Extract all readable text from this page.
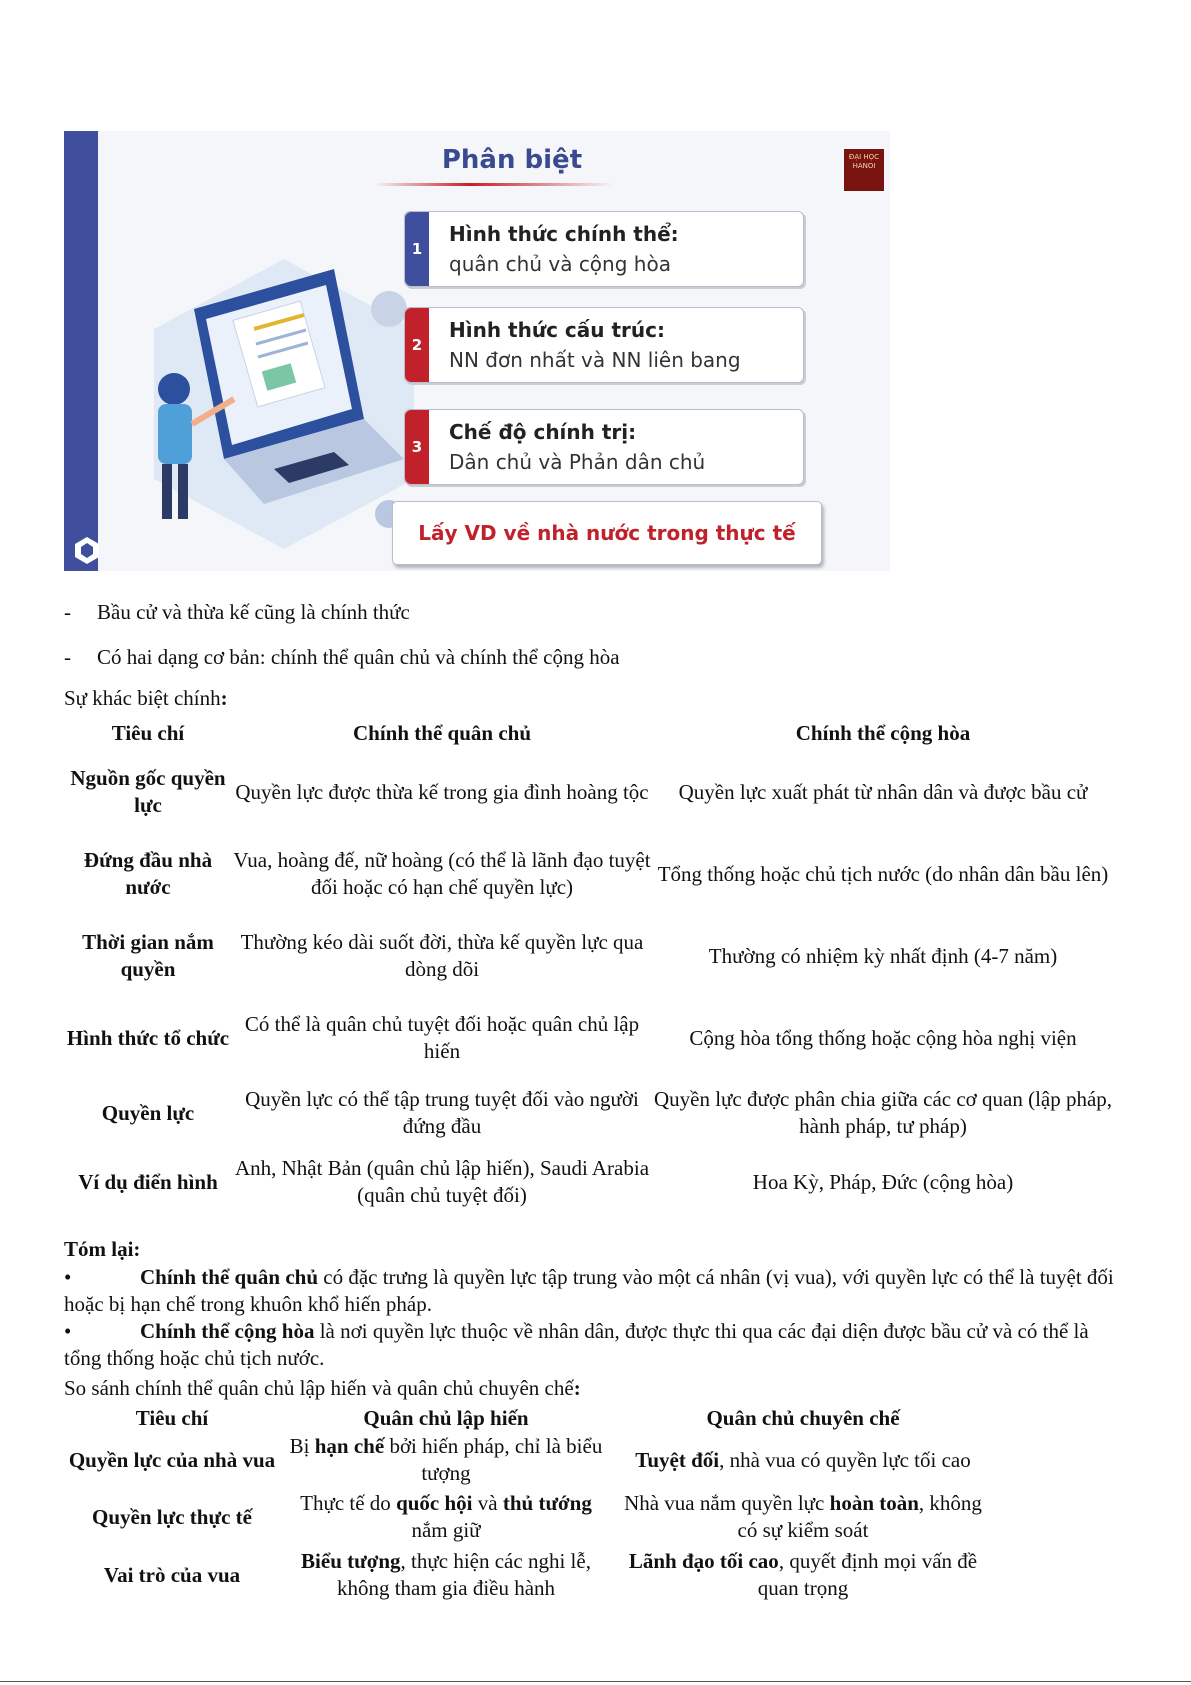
Phân biệt	ĐẠI HỌC HANOI
1
Hình thức chính thể:
quân chủ và cộng hòa
2
Hình thức cấu trúc:
NN đơn nhất và NN liên bang
3
Chế độ chính trị:
Dân chủ và Phản dân chủ
Lấy VD về nhà nước trong thực tế
- Bầu cử và thừa kế cũng là chính thức
- Có hai dạng cơ bản: chính thể quân chủ và chính thể cộng hòa
Sự khác biệt chính:
Tiêu chí	Chính thể quân chủ	Chính thể cộng hòa
Nguồn gốc quyền lực	Quyền lực được thừa kế trong gia đình hoàng tộc	Quyền lực xuất phát từ nhân dân và được bầu cử
Đứng đầu nhà nước	Vua, hoàng đế, nữ hoàng (có thể là lãnh đạo tuyệt đối hoặc có hạn chế quyền lực)	Tổng thống hoặc chủ tịch nước (do nhân dân bầu lên)
Thời gian nắm quyền	Thường kéo dài suốt đời, thừa kế quyền lực qua dòng dõi	Thường có nhiệm kỳ nhất định (4-7 năm)
Hình thức tổ chức	Có thể là quân chủ tuyệt đối hoặc quân chủ lập hiến	Cộng hòa tổng thống hoặc cộng hòa nghị viện
Quyền lực	Quyền lực có thể tập trung tuyệt đối vào người đứng đầu	Quyền lực được phân chia giữa các cơ quan (lập pháp, hành pháp, tư pháp)
Ví dụ điển hình	Anh, Nhật Bản (quân chủ lập hiến), Saudi Arabia (quân chủ tuyệt đối)	Hoa Kỳ, Pháp, Đức (cộng hòa)
Tóm lại:
•	Chính thể quân chủ có đặc trưng là quyền lực tập trung vào một cá nhân (vị vua), với quyền lực có thể là tuyệt đối hoặc bị hạn chế trong khuôn khổ hiến pháp.
•	Chính thể cộng hòa là nơi quyền lực thuộc về nhân dân, được thực thi qua các đại diện được bầu cử và có thể là tổng thống hoặc chủ tịch nước.
So sánh chính thể quân chủ lập hiến và quân chủ chuyên chế:
Tiêu chí	Quân chủ lập hiến	Quân chủ chuyên chế
Quyền lực của nhà vua	Bị hạn chế bởi hiến pháp, chỉ là biểu tượng	Tuyệt đối, nhà vua có quyền lực tối cao
Quyền lực thực tế	Thực tế do quốc hội và thủ tướng nắm giữ	Nhà vua nắm quyền lực hoàn toàn, không có sự kiểm soát
Vai trò của vua	Biểu tượng, thực hiện các nghi lễ, không tham gia điều hành	Lãnh đạo tối cao, quyết định mọi vấn đề quan trọng
